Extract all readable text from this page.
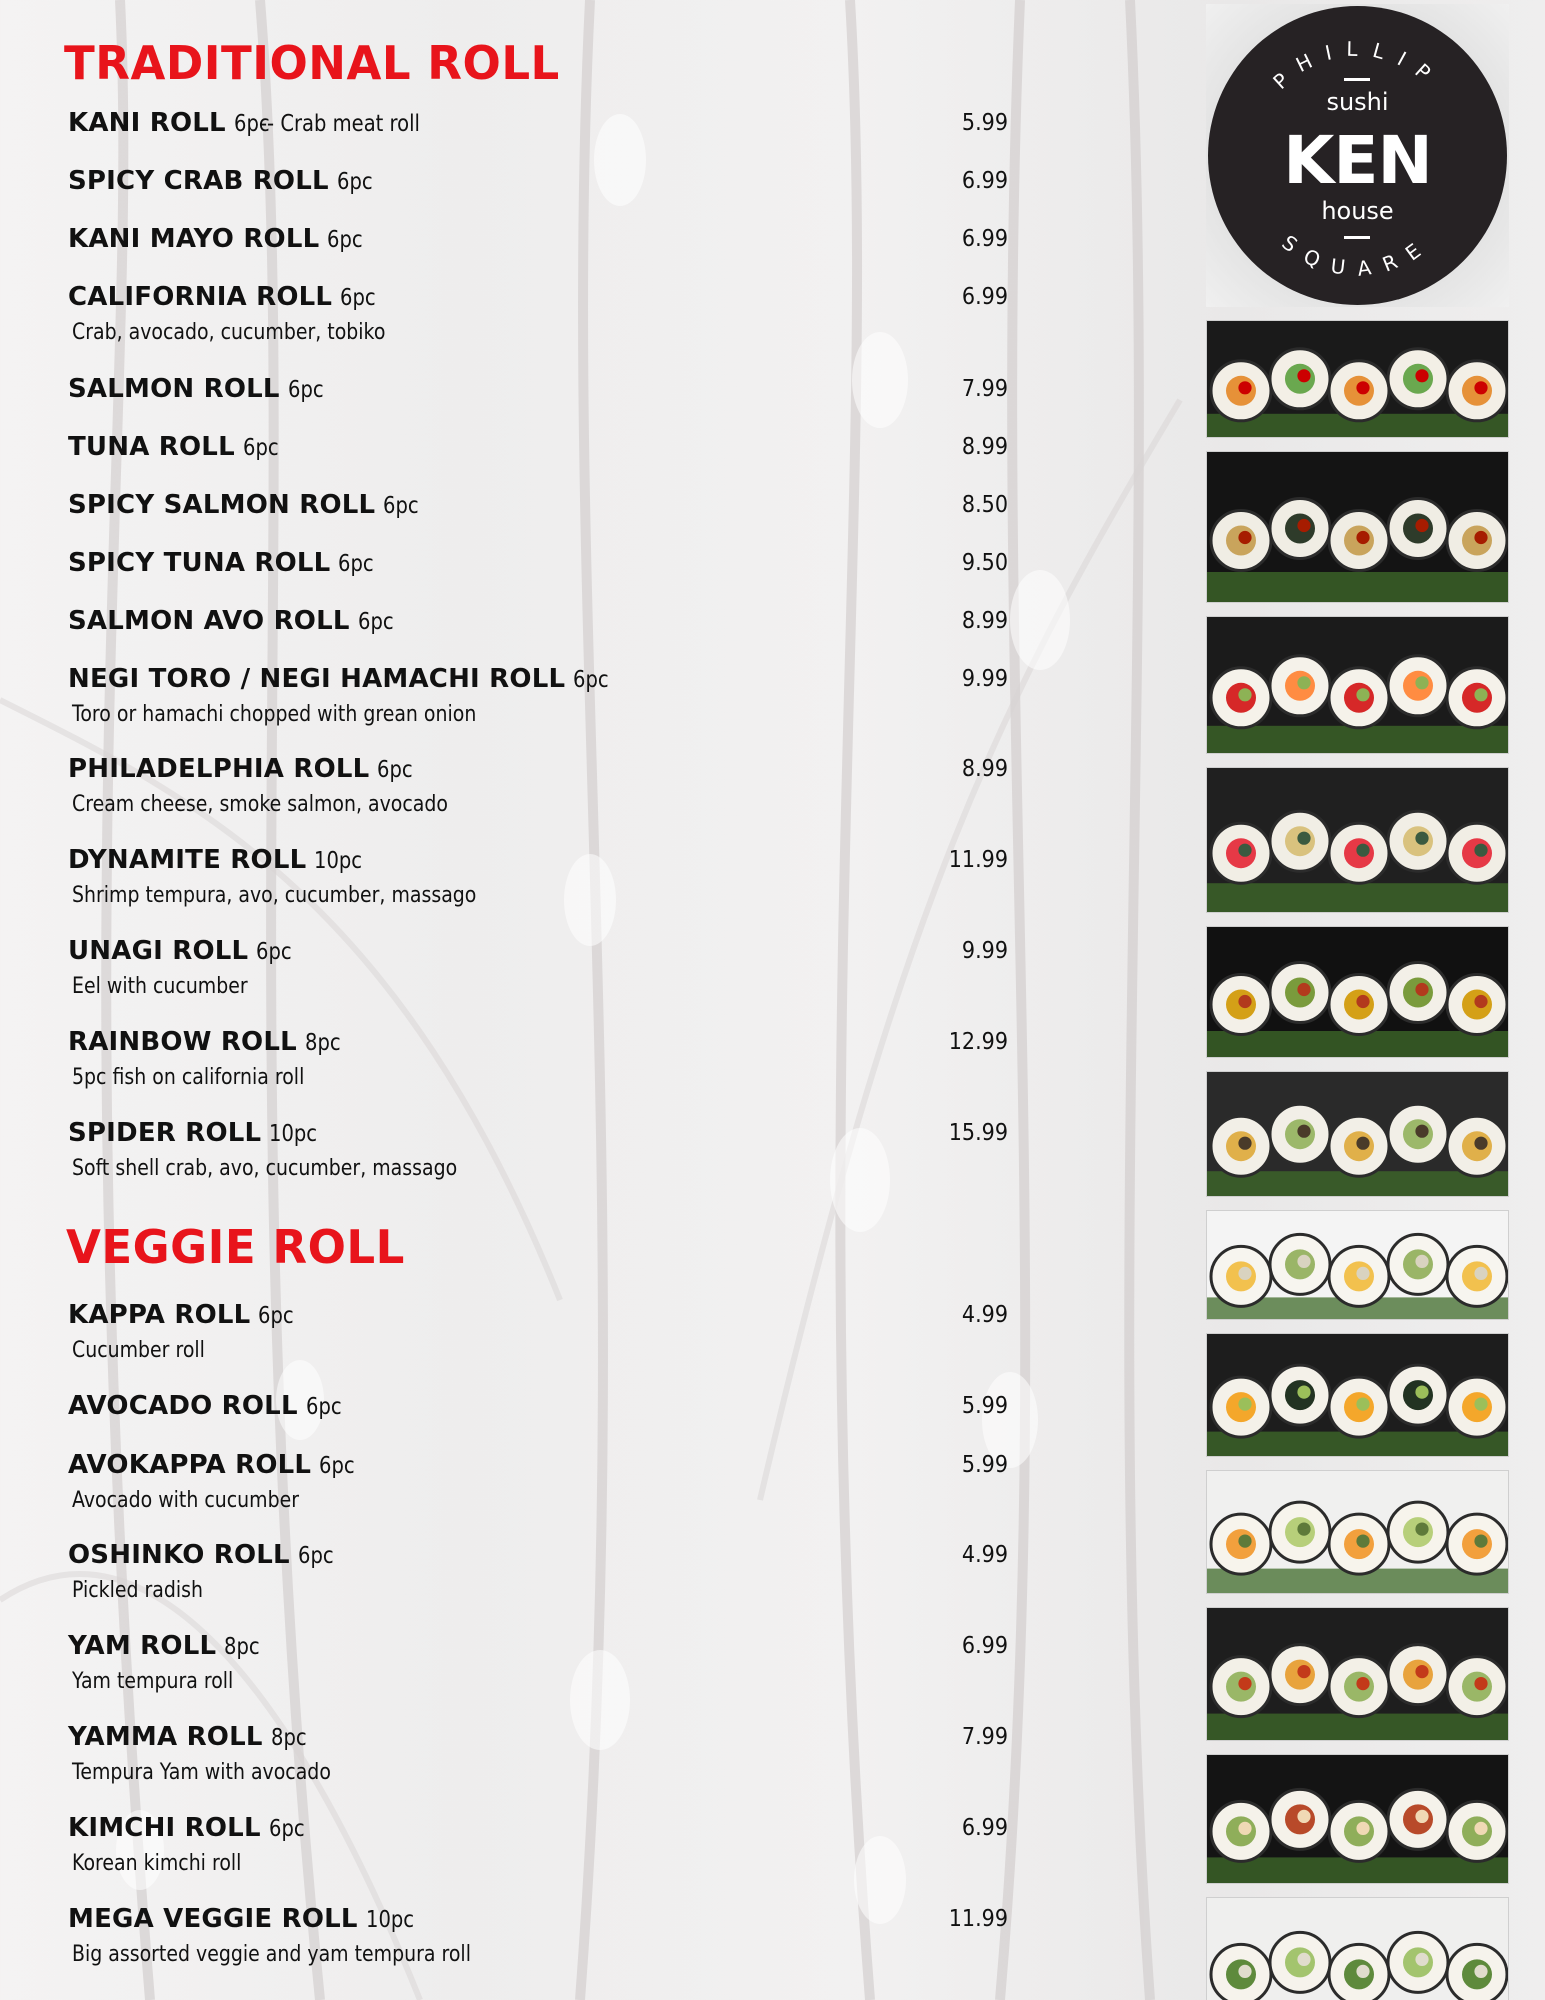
TRADITIONAL ROLL
KANI ROLL 6pc
-- Crab meat roll	5.99
SPICY CRAB ROLL 6pc	6.99
KANI MAYO ROLL 6pc	6.99
CALIFORNIA ROLL 6pc
Crab, avocado, cucumber, tobiko
6.99
SALMON ROLL 6pc	7.99
TUNA ROLL 6pc	8.99
SPICY SALMON ROLL 6pc	8.50
SPICY TUNA ROLL 6pc	9.50
SALMON AVO ROLL 6pc	8.99
NEGI TORO / NEGI HAMACHI ROLL 6pc
Toro or hamachi chopped with grean onion
9.99
PHILADELPHIA ROLL 6pc
Cream cheese, smoke salmon, avocado
8.99
DYNAMITE ROLL 10pc
Shrimp tempura, avo, cucumber, massago
11.99
UNAGI ROLL 6pc
Eel with cucumber
9.99
RAINBOW ROLL 8pc
5pc fish on california roll
12.99
SPIDER ROLL 10pc
Soft shell crab, avo, cucumber, massago
15.99
VEGGIE ROLL
KAPPA ROLL 6pc
Cucumber roll
4.99
AVOCADO ROLL 6pc	5.99
AVOKAPPA ROLL 6pc
Avocado with cucumber
5.99
OSHINKO ROLL 6pc
Pickled radish
4.99
YAM ROLL 8pc
Yam tempura roll
6.99
YAMMA ROLL 8pc
Tempura Yam with avocado
7.99
KIMCHI ROLL 6pc
Korean kimchi roll
6.99
MEGA VEGGIE ROLL 10pc
Big assorted veggie and yam tempura roll
11.99
PHILLIP
SQUARE
sushi
KEN
house
